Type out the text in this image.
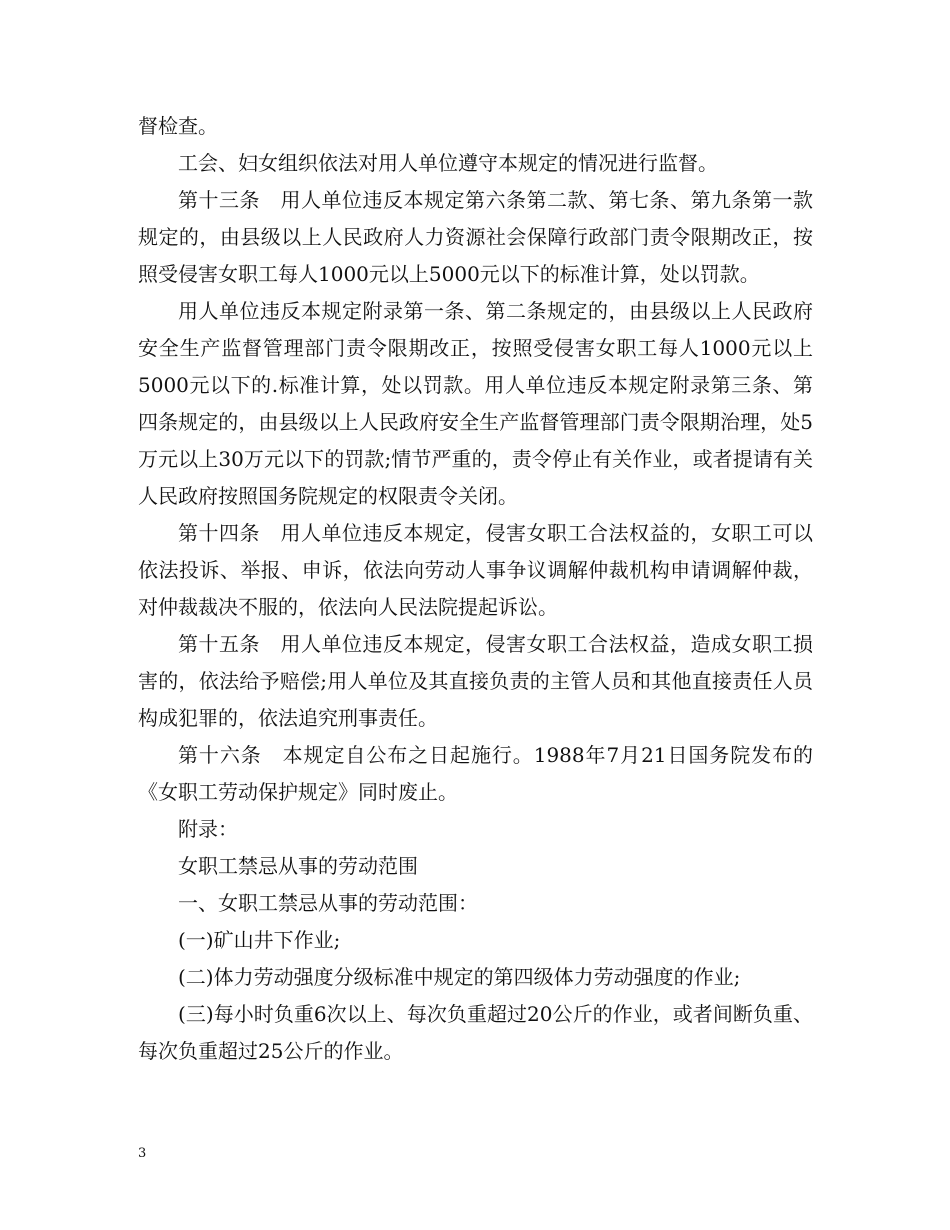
督检查。

工会、妇女组织依法对用人单位遵守本规定的情况进行监督。

第十三条　用人单位违反本规定第六条第二款、第七条、第九条第一款规定的，由县级以上人民政府人力资源社会保障行政部门责令限期改正，按照受侵害女职工每人1000元以上5000元以下的标准计算，处以罚款。

用人单位违反本规定附录第一条、第二条规定的，由县级以上人民政府安全生产监督管理部门责令限期改正，按照受侵害女职工每人1000元以上5000元以下的.标准计算，处以罚款。用人单位违反本规定附录第三条、第四条规定的，由县级以上人民政府安全生产监督管理部门责令限期治理，处5万元以上30万元以下的罚款;情节严重的，责令停止有关作业，或者提请有关人民政府按照国务院规定的权限责令关闭。

第十四条　用人单位违反本规定，侵害女职工合法权益的，女职工可以依法投诉、举报、申诉，依法向劳动人事争议调解仲裁机构申请调解仲裁，对仲裁裁决不服的，依法向人民法院提起诉讼。

第十五条　用人单位违反本规定，侵害女职工合法权益，造成女职工损害的，依法给予赔偿;用人单位及其直接负责的主管人员和其他直接责任人员构成犯罪的，依法追究刑事责任。

第十六条　本规定自公布之日起施行。1988年7月21日国务院发布的《女职工劳动保护规定》同时废止。

附录：

女职工禁忌从事的劳动范围

一、女职工禁忌从事的劳动范围：

(一)矿山井下作业;

(二)体力劳动强度分级标准中规定的第四级体力劳动强度的作业;

(三)每小时负重6次以上、每次负重超过20公斤的作业，或者间断负重、每次负重超过25公斤的作业。

3
